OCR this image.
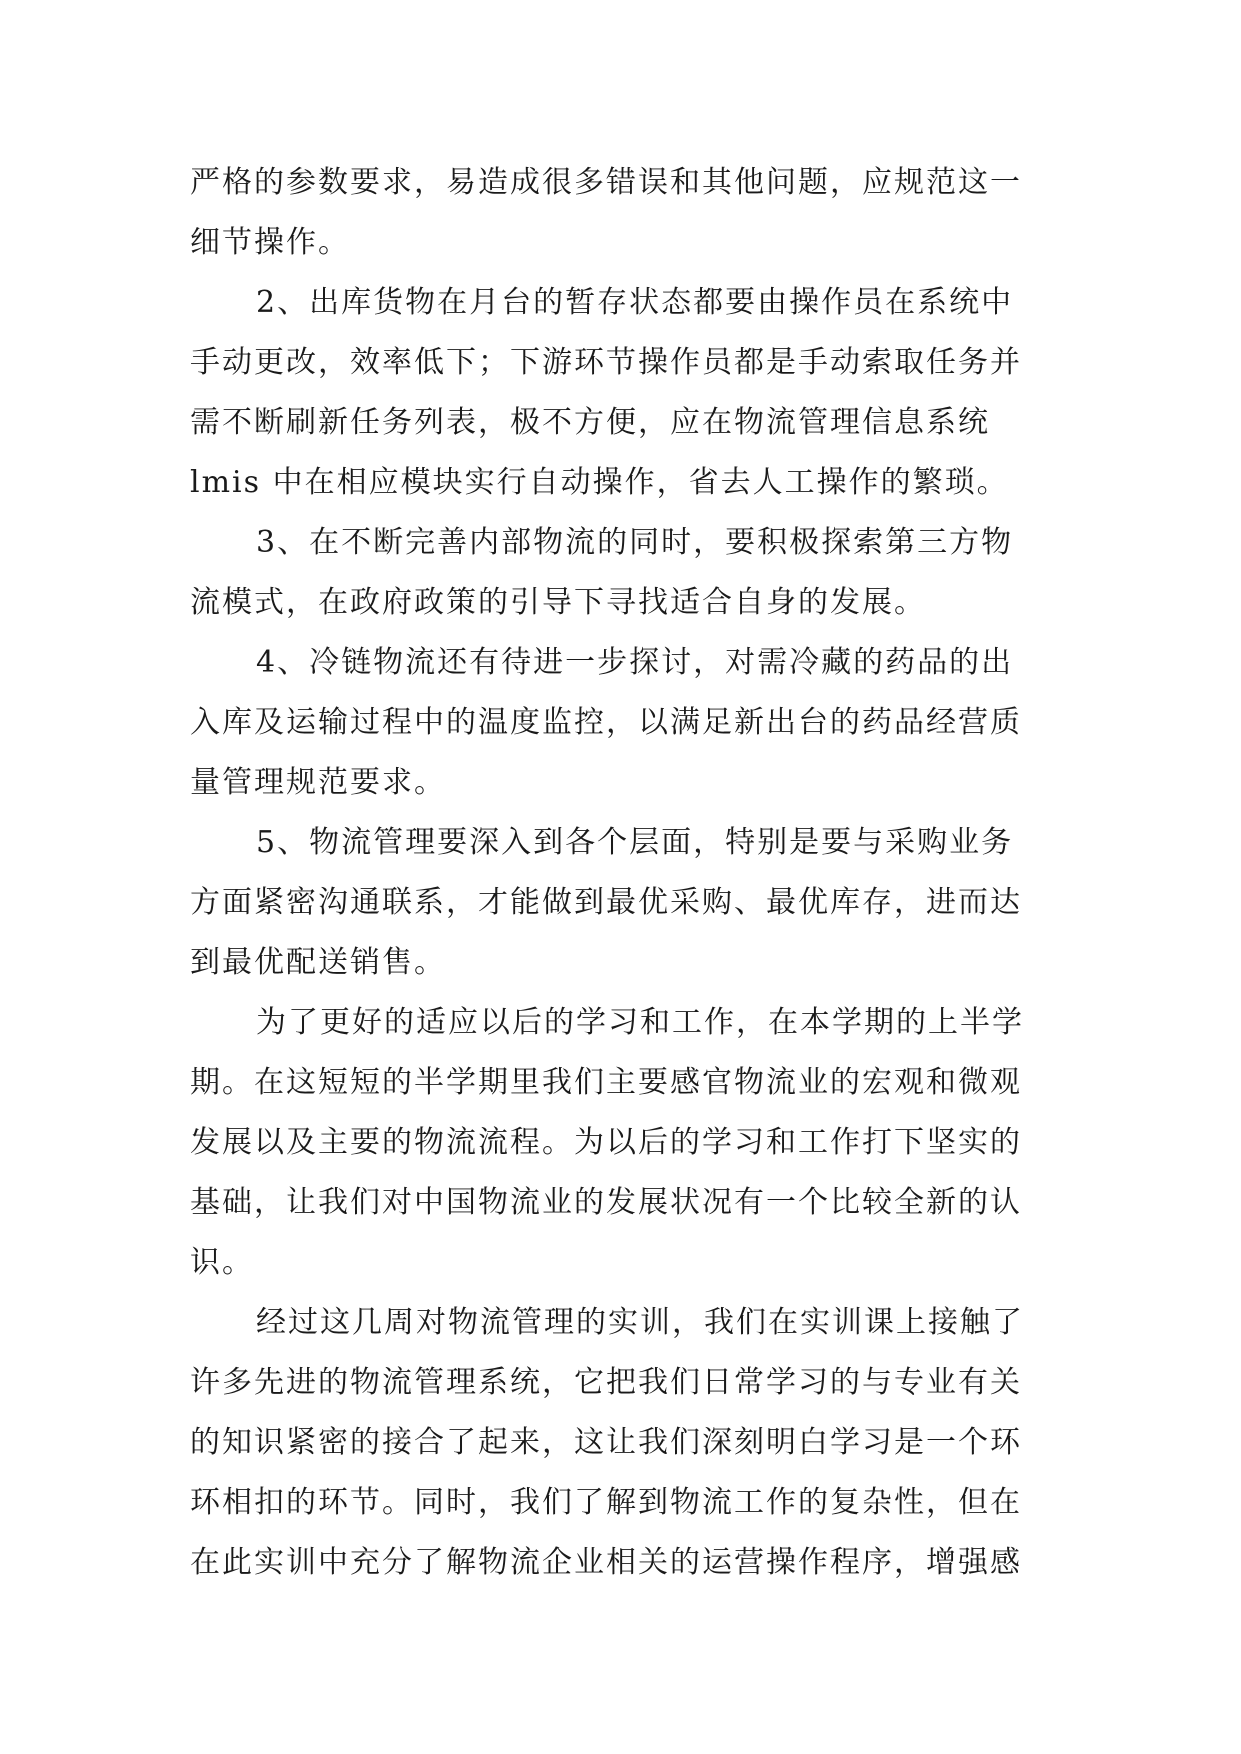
严格的参数要求，易造成很多错误和其他问题，应规范这一
细节操作。
2、出库货物在月台的暂存状态都要由操作员在系统中
手动更改，效率低下；下游环节操作员都是手动索取任务并
需不断刷新任务列表，极不方便，应在物流管理信息系统
lmis 中在相应模块实行自动操作，省去人工操作的繁琐。
3、在不断完善内部物流的同时，要积极探索第三方物
流模式，在政府政策的引导下寻找适合自身的发展。
4、冷链物流还有待进一步探讨，对需冷藏的药品的出
入库及运输过程中的温度监控，以满足新出台的药品经营质
量管理规范要求。
5、物流管理要深入到各个层面，特别是要与采购业务
方面紧密沟通联系，才能做到最优采购、最优库存，进而达
到最优配送销售。
为了更好的适应以后的学习和工作，在本学期的上半学
期。在这短短的半学期里我们主要感官物流业的宏观和微观
发展以及主要的物流流程。为以后的学习和工作打下坚实的
基础，让我们对中国物流业的发展状况有一个比较全新的认
识。
经过这几周对物流管理的实训，我们在实训课上接触了
许多先进的物流管理系统，它把我们日常学习的与专业有关
的知识紧密的接合了起来，这让我们深刻明白学习是一个环
环相扣的环节。同时，我们了解到物流工作的复杂性，但在
在此实训中充分了解物流企业相关的运营操作程序，增强感
